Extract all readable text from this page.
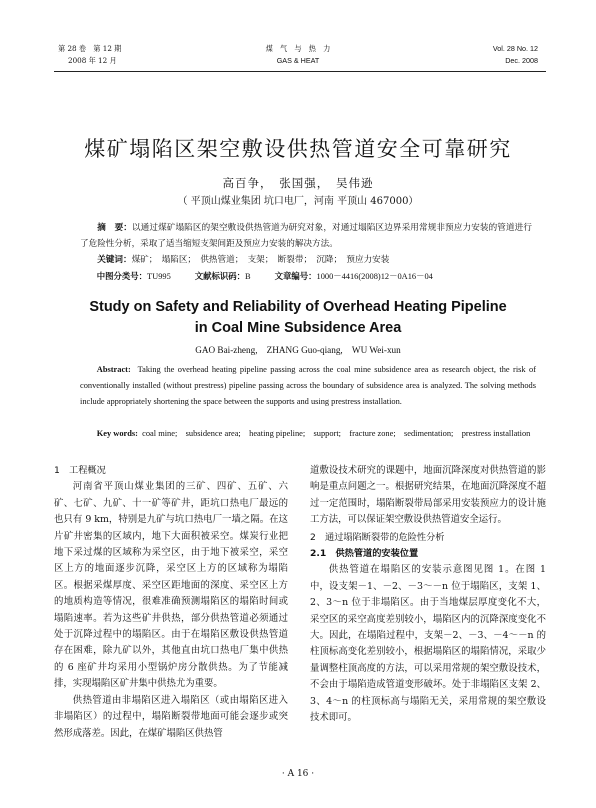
第 28 卷　第 12 期
2008 年 12 月
煤　气　与　热　力
GAS & HEAT
Vol. 28 No. 12
Dec. 2008
煤矿塌陷区架空敷设供热管道安全可靠研究
高百争，　张国强，　吴伟逊
（ 平顶山煤业集团 坑口电厂，河南 平顶山 467000）
摘　要：以通过煤矿塌陷区的架空敷设供热管道为研究对象，对通过塌陷区边界采用常规非预应力安装的管道进行了危险性分析，采取了适当缩短支架间距及预应力安装的解决方法。
关键词：煤矿；　塌陷区；　供热管道；　支架；　断裂带；　沉降；　预应力安装
中图分类号：TU995	文献标识码：B	文章编号：1000－4416(2008)12－0A16－04
Study on Safety and Reliability of Overhead Heating Pipeline
in Coal Mine Subsidence Area
GAO Bai-zheng,　ZHANG Guo-qiang,　WU Wei-xun
Abstract: Taking the overhead heating pipeline passing across the coal mine subsidence area as research object, the risk of conventionally installed (without prestress) pipeline passing across the boundary of subsidence area is analyzed. The solving methods include appropriately shortening the space between the supports and using prestress installation.
Key words: coal mine;　subsidence area;　heating pipeline;　support;　fracture zone;　sedimentation;　prestress installation
1　工程概况

河南省平顶山煤业集团的三矿、四矿、五矿、六矿、七矿、九矿、十一矿等矿井，距坑口热电厂最远的也只有 9 km，特别是九矿与坑口热电厂一墙之隔。在这片矿井密集的区域内，地下大面积被采空。煤炭行业把地下采过煤的区域称为采空区，由于地下被采空，采空区上方的地面逐步沉降，采空区上方的区域称为塌陷区。根据采煤厚度、采空区距地面的深度、采空区上方的地质构造等情况，很难准确预测塌陷区的塌陷时间或塌陷速率。若为这些矿井供热，部分供热管道必须通过处于沉降过程中的塌陷区。由于在塌陷区敷设供热管道存在困难，除九矿以外，其他直由坑口热电厂集中供热的 6 座矿井均采用小型锅炉房分散供热。为了节能减排，实现塌陷区矿井集中供热尤为重要。

供热管道由非塌陷区进入塌陷区（或由塌陷区进入非塌陷区）的过程中，塌陷断裂带地面可能会逐步或突然形成落差。因此，在煤矿塌陷区供热管

道敷设技术研究的课题中，地面沉降深度对供热管道的影响是重点问题之一。根据研究结果，在地面沉降深度不超过一定范围时，塌陷断裂带局部采用安装预应力的设计施工方法，可以保证架空敷设供热管道安全运行。

2　通过塌陷断裂带的危险性分析
2.1　供热管道的安装位置

供热管道在塌陷区的安装示意图见图 1。在图 1 中，设支架－1、－2、－3～－n 位于塌陷区，支架 1、2、3～n 位于非塌陷区。由于当地煤层厚度变化不大，采空区的采空高度差别较小，塌陷区内的沉降深度变化不大。因此，在塌陷过程中，支架－2、－3、－4～－n 的柱顶标高变化差别较小，根据塌陷区的塌陷情况，采取少量调整柱顶高度的方法，可以采用常规的架空敷设技术，不会由于塌陷造成管道变形破坏。处于非塌陷区支架 2、3、4～n 的柱顶标高与塌陷无关，采用常规的架空敷设技术即可。

· A 16 ·
